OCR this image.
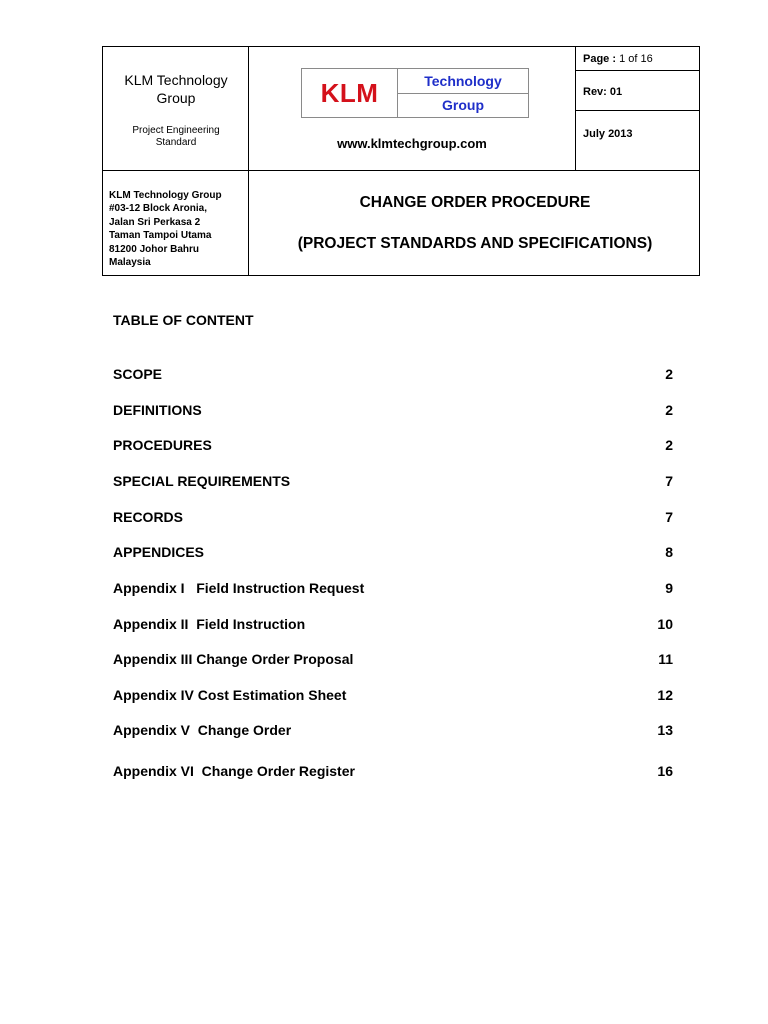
KLM Technology
Group
Project Engineering
Standard
KLM	Technology
Group
www.klmtechgroup.com
Page : 1 of 16
Rev: 01
July 2013
KLM Technology Group
#03-12 Block Aronia,
Jalan Sri Perkasa 2
Taman Tampoi Utama
81200 Johor Bahru
Malaysia
CHANGE ORDER PROCEDURE
(PROJECT STANDARDS AND SPECIFICATIONS)
TABLE OF CONTENT
SCOPE	2
DEFINITIONS	2
PROCEDURES	2
SPECIAL REQUIREMENTS	7
RECORDS	7
APPENDICES	8
Appendix I   Field Instruction Request	9
Appendix II  Field Instruction	10
Appendix III Change Order Proposal	11
Appendix IV Cost Estimation Sheet	12
Appendix V  Change Order	13
Appendix VI  Change Order Register	16
